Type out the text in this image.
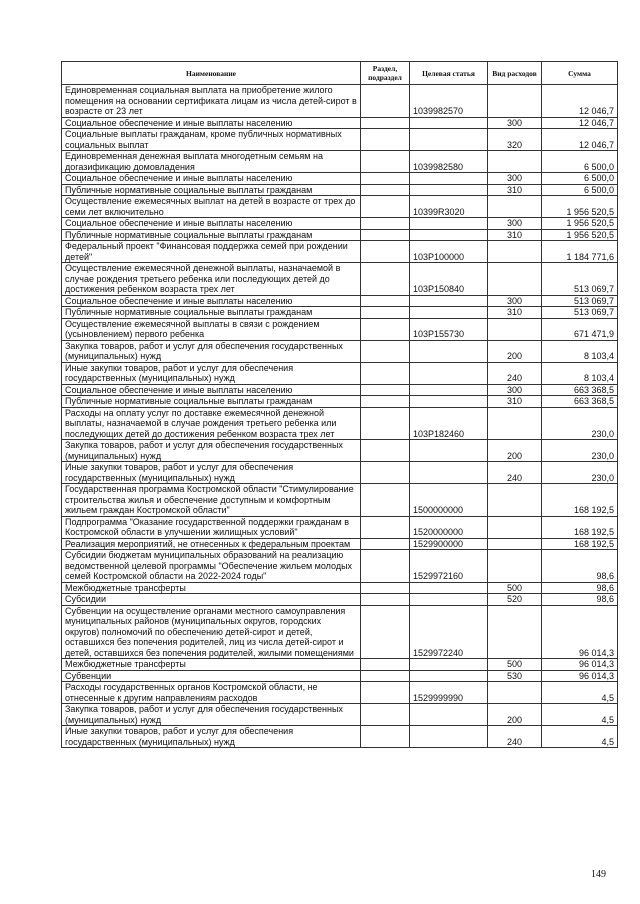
Наименование	Раздел, подраздел	Целевая статья	Вид расходов	Сумма
Единовременная социальная выплата на приобретение жилого помещения на основании сертификата лицам из числа детей-сирот в возрасте от 23 лет		1039982570		12 046,7
Социальное обеспечение и иные выплаты населению			300	12 046,7
Социальные выплаты гражданам, кроме публичных нормативных социальных выплат			320	12 046,7
Единовременная денежная выплата многодетным семьям на догазификацию домовладения		1039982580		6 500,0
Социальное обеспечение и иные выплаты населению			300	6 500,0
Публичные нормативные социальные выплаты гражданам			310	6 500,0
Осуществление ежемесячных выплат на детей в возрасте от трех до семи лет включительно		10399R3020		1 956 520,5
Социальное обеспечение и иные выплаты населению			300	1 956 520,5
Публичные нормативные социальные выплаты гражданам			310	1 956 520,5
Федеральный проект "Финансовая поддержка семей при рождении детей"		103P100000		1 184 771,6
Осуществление ежемесячной денежной выплаты, назначаемой в случае рождения третьего ребенка или последующих детей до достижения ребенком возраста трех лет		103P150840		513 069,7
Социальное обеспечение и иные выплаты населению			300	513 069,7
Публичные нормативные социальные выплаты гражданам			310	513 069,7
Осуществление ежемесячной выплаты в связи с рождением (усыновлением) первого ребенка		103P155730		671 471,9
Закупка товаров, работ и услуг для обеспечения государственных (муниципальных) нужд			200	8 103,4
Иные закупки товаров, работ и услуг для обеспечения государственных (муниципальных) нужд			240	8 103,4
Социальное обеспечение и иные выплаты населению			300	663 368,5
Публичные нормативные социальные выплаты гражданам			310	663 368,5
Расходы на оплату услуг по доставке ежемесячной денежной выплаты, назначаемой в случае рождения третьего ребенка или последующих детей до достижения ребенком возраста трех лет		103P182460		230,0
Закупка товаров, работ и услуг для обеспечения государственных (муниципальных) нужд			200	230,0
Иные закупки товаров, работ и услуг для обеспечения государственных (муниципальных) нужд			240	230,0
Государственная программа Костромской области "Стимулирование строительства жилья и обеспечение доступным и комфортным жильем граждан Костромской области"		1500000000		168 192,5
Подпрограмма "Оказание государственной поддержки гражданам в Костромской области в улучшении жилищных условий"		1520000000		168 192,5
Реализация мероприятий, не отнесенных к федеральным проектам		1529900000		168 192,5
Субсидии бюджетам муниципальных образований на реализацию ведомственной целевой программы "Обеспечение жильем молодых семей Костромской области на 2022-2024 годы"		1529972160		98,6
Межбюджетные трансферты			500	98,6
Субсидии			520	98,6
Субвенции на осуществление органами местного самоуправления муниципальных районов (муниципальных округов, городских округов) полномочий по обеспечению детей-сирот и детей, оставшихся без попечения родителей, лиц из числа детей-сирот и детей, оставшихся без попечения родителей, жилыми помещениями		1529972240		96 014,3
Межбюджетные трансферты			500	96 014,3
Субвенции			530	96 014,3
Расходы государственных органов Костромской области, не отнесенные к другим направлениям расходов		1529999990		4,5
Закупка товаров, работ и услуг для обеспечения государственных (муниципальных) нужд			200	4,5
Иные закупки товаров, работ и услуг для обеспечения государственных (муниципальных) нужд			240	4,5
149
